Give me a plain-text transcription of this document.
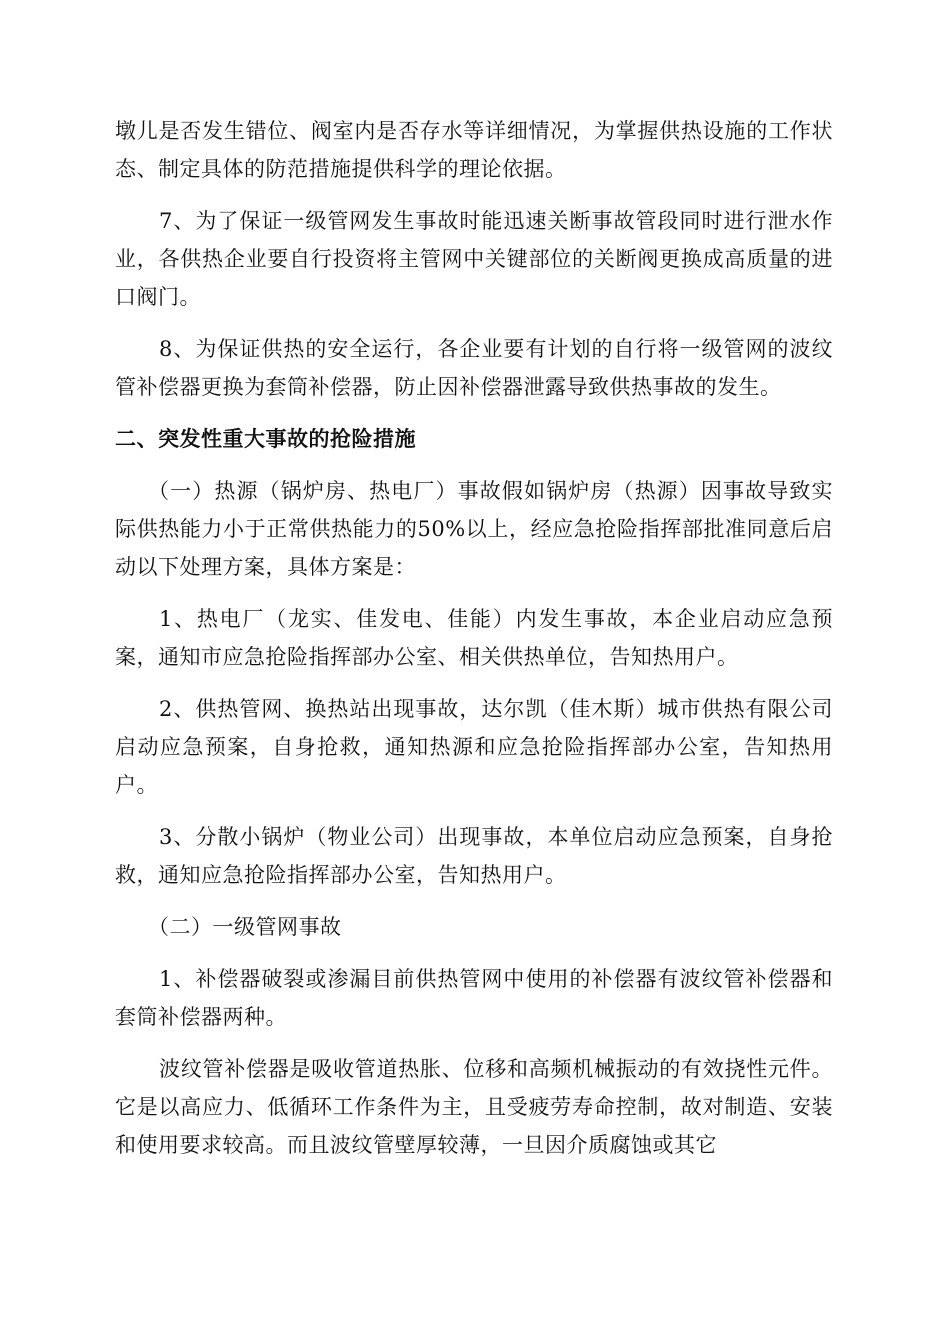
墩儿是否发生错位、阀室内是否存水等详细情况，为掌握供热设施的工作状态、制定具体的防范措施提供科学的理论依据。

7、为了保证一级管网发生事故时能迅速关断事故管段同时进行泄水作业，各供热企业要自行投资将主管网中关键部位的关断阀更换成高质量的进口阀门。

8、为保证供热的安全运行，各企业要有计划的自行将一级管网的波纹管补偿器更换为套筒补偿器，防止因补偿器泄露导致供热事故的发生。

二、突发性重大事故的抢险措施

（一）热源（锅炉房、热电厂）事故假如锅炉房（热源）因事故导致实际供热能力小于正常供热能力的50%以上，经应急抢险指挥部批准同意后启动以下处理方案，具体方案是：

1、热电厂（龙实、佳发电、佳能）内发生事故，本企业启动应急预案，通知市应急抢险指挥部办公室、相关供热单位，告知热用户。

2、供热管网、换热站出现事故，达尔凯（佳木斯）城市供热有限公司启动应急预案，自身抢救，通知热源和应急抢险指挥部办公室，告知热用户。

3、分散小锅炉（物业公司）出现事故，本单位启动应急预案，自身抢救，通知应急抢险指挥部办公室，告知热用户。

（二）一级管网事故

1、补偿器破裂或渗漏目前供热管网中使用的补偿器有波纹管补偿器和套筒补偿器两种。

波纹管补偿器是吸收管道热胀、位移和高频机械振动的有效挠性元件。它是以高应力、低循环工作条件为主，且受疲劳寿命控制，故对制造、安装和使用要求较高。而且波纹管壁厚较薄，一旦因介质腐蚀或其它
